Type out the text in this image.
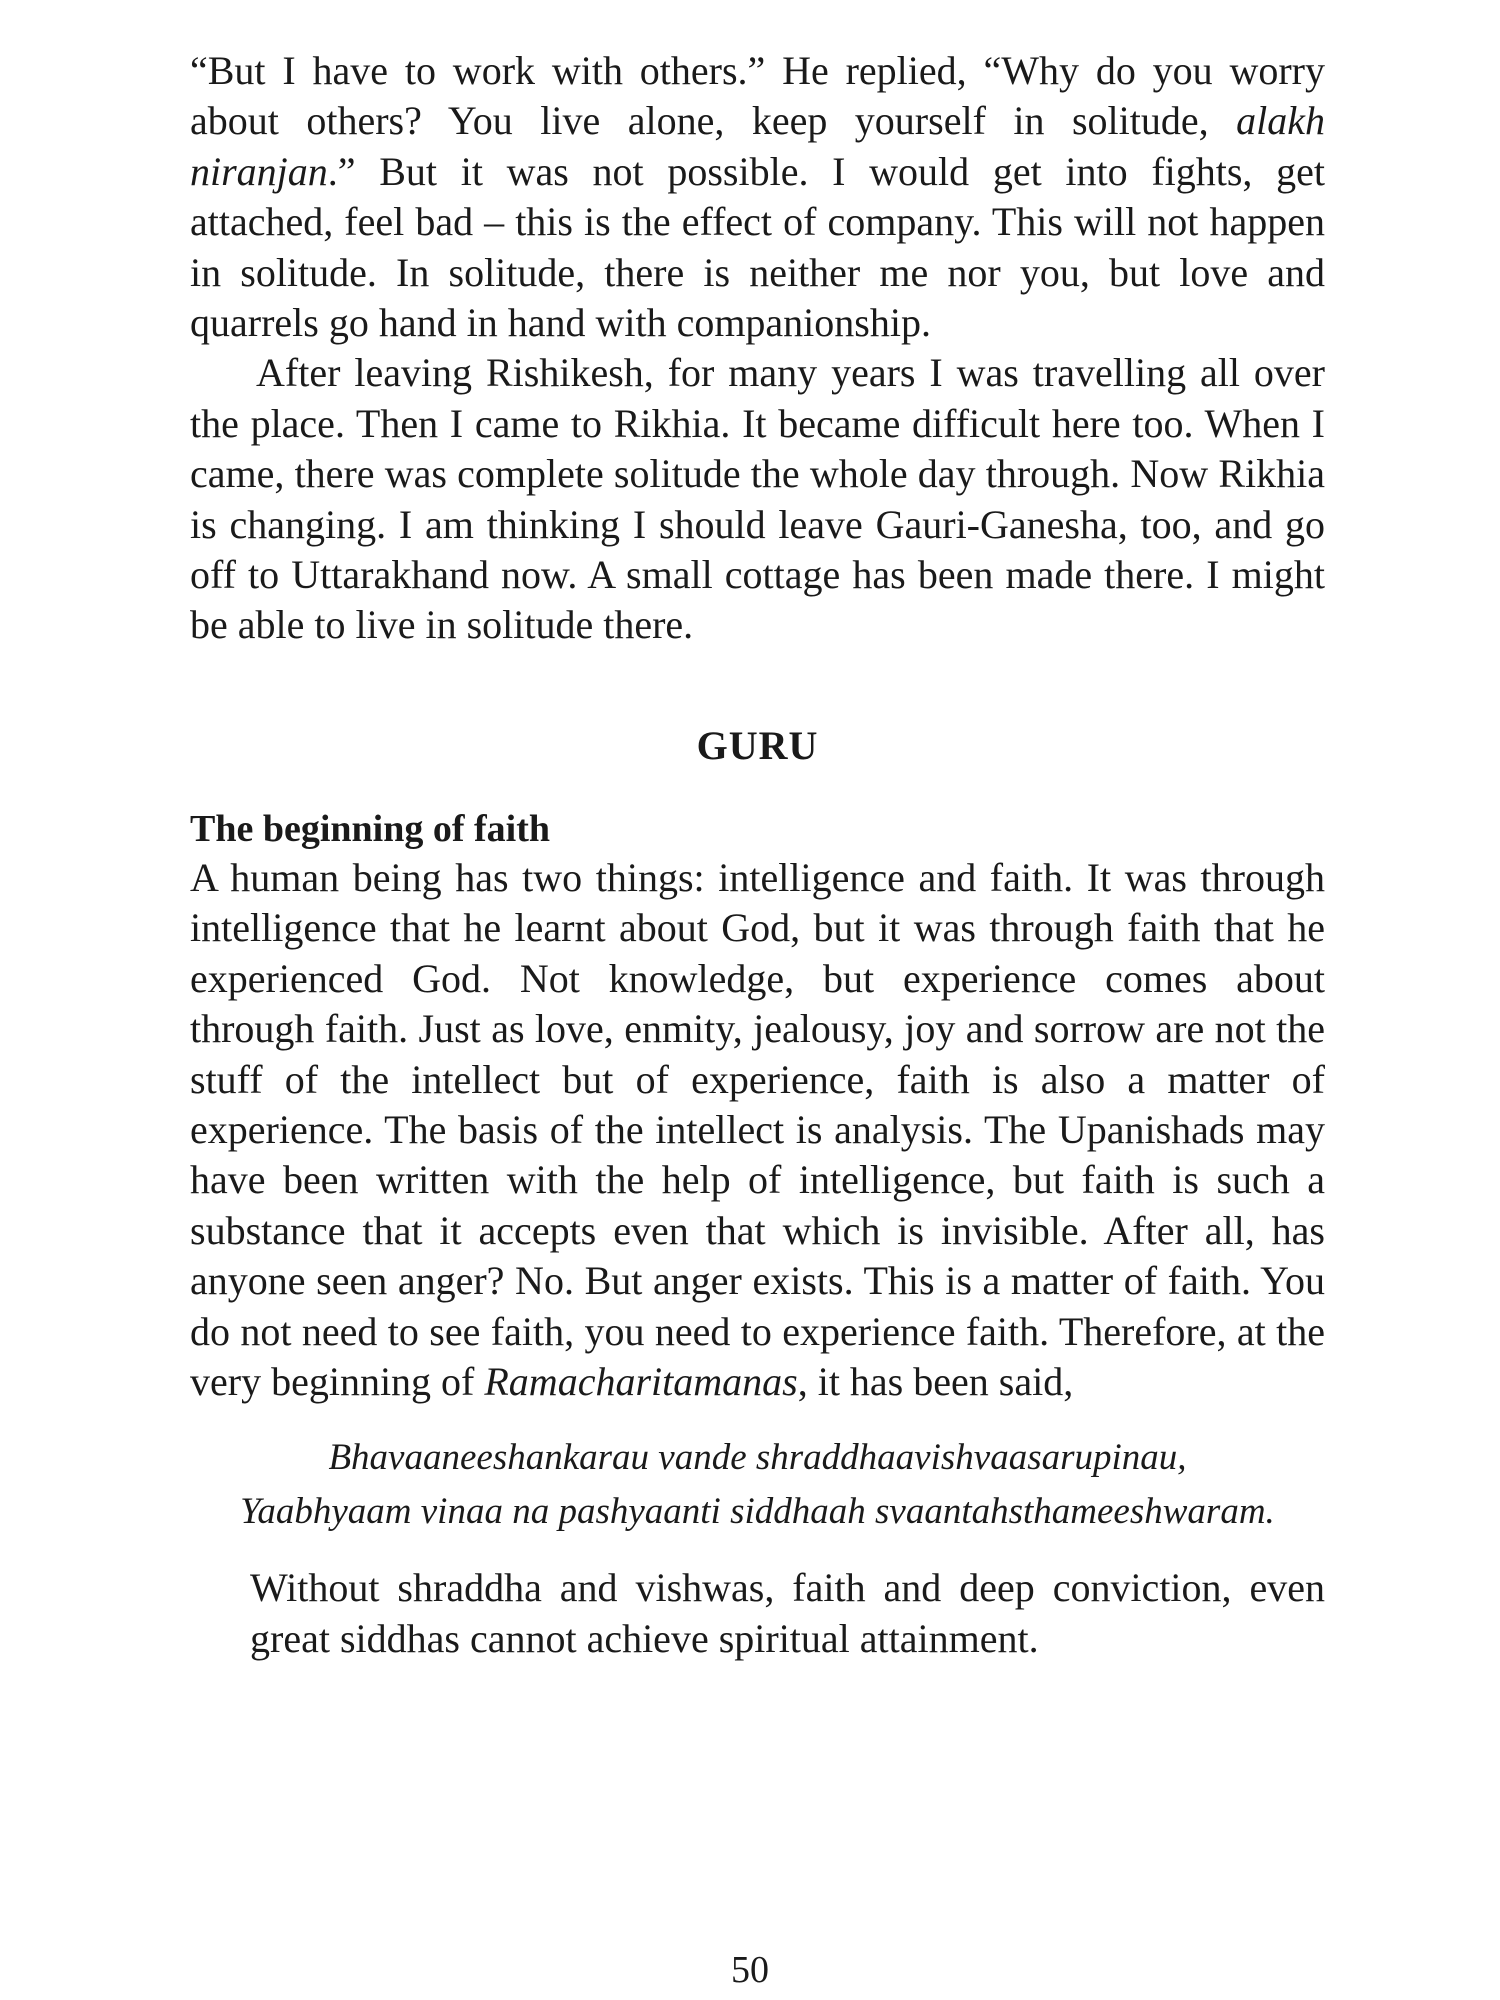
“But I have to work with others.” He replied, “Why do you worry about others? You live alone, keep yourself in solitude, alakh niranjan.” But it was not possible. I would get into fights, get attached, feel bad – this is the effect of company. This will not happen in solitude. In solitude, there is neither me nor you, but love and quarrels go hand in hand with companionship.

After leaving Rishikesh, for many years I was travelling all over the place. Then I came to Rikhia. It became difficult here too. When I came, there was complete solitude the whole day through. Now Rikhia is changing. I am thinking I should leave Gauri-Ganesha, too, and go off to Uttarakhand now. A small cottage has been made there. I might be able to live in solitude there.

GURU
The beginning of faith

A human being has two things: intelligence and faith. It was through intelligence that he learnt about God, but it was through faith that he experienced God. Not knowledge, but experience comes about through faith. Just as love, enmity, jealousy, joy and sorrow are not the stuff of the intellect but of experience, faith is also a matter of experience. The basis of the intellect is analysis. The Upanishads may have been written with the help of intelligence, but faith is such a substance that it accepts even that which is invisible. After all, has anyone seen anger? No. But anger exists. This is a matter of faith. You do not need to see faith, you need to experience faith. Therefore, at the very beginning of Ramacharitamanas, it has been said,

Bhavaaneeshankarau vande shraddhaavishvaasarupinau,
Yaabhyaam vinaa na pashyaanti siddhaah svaantahsthameeshwaram.

Without shraddha and vishwas, faith and deep conviction, even great siddhas cannot achieve spiritual attainment.

50
